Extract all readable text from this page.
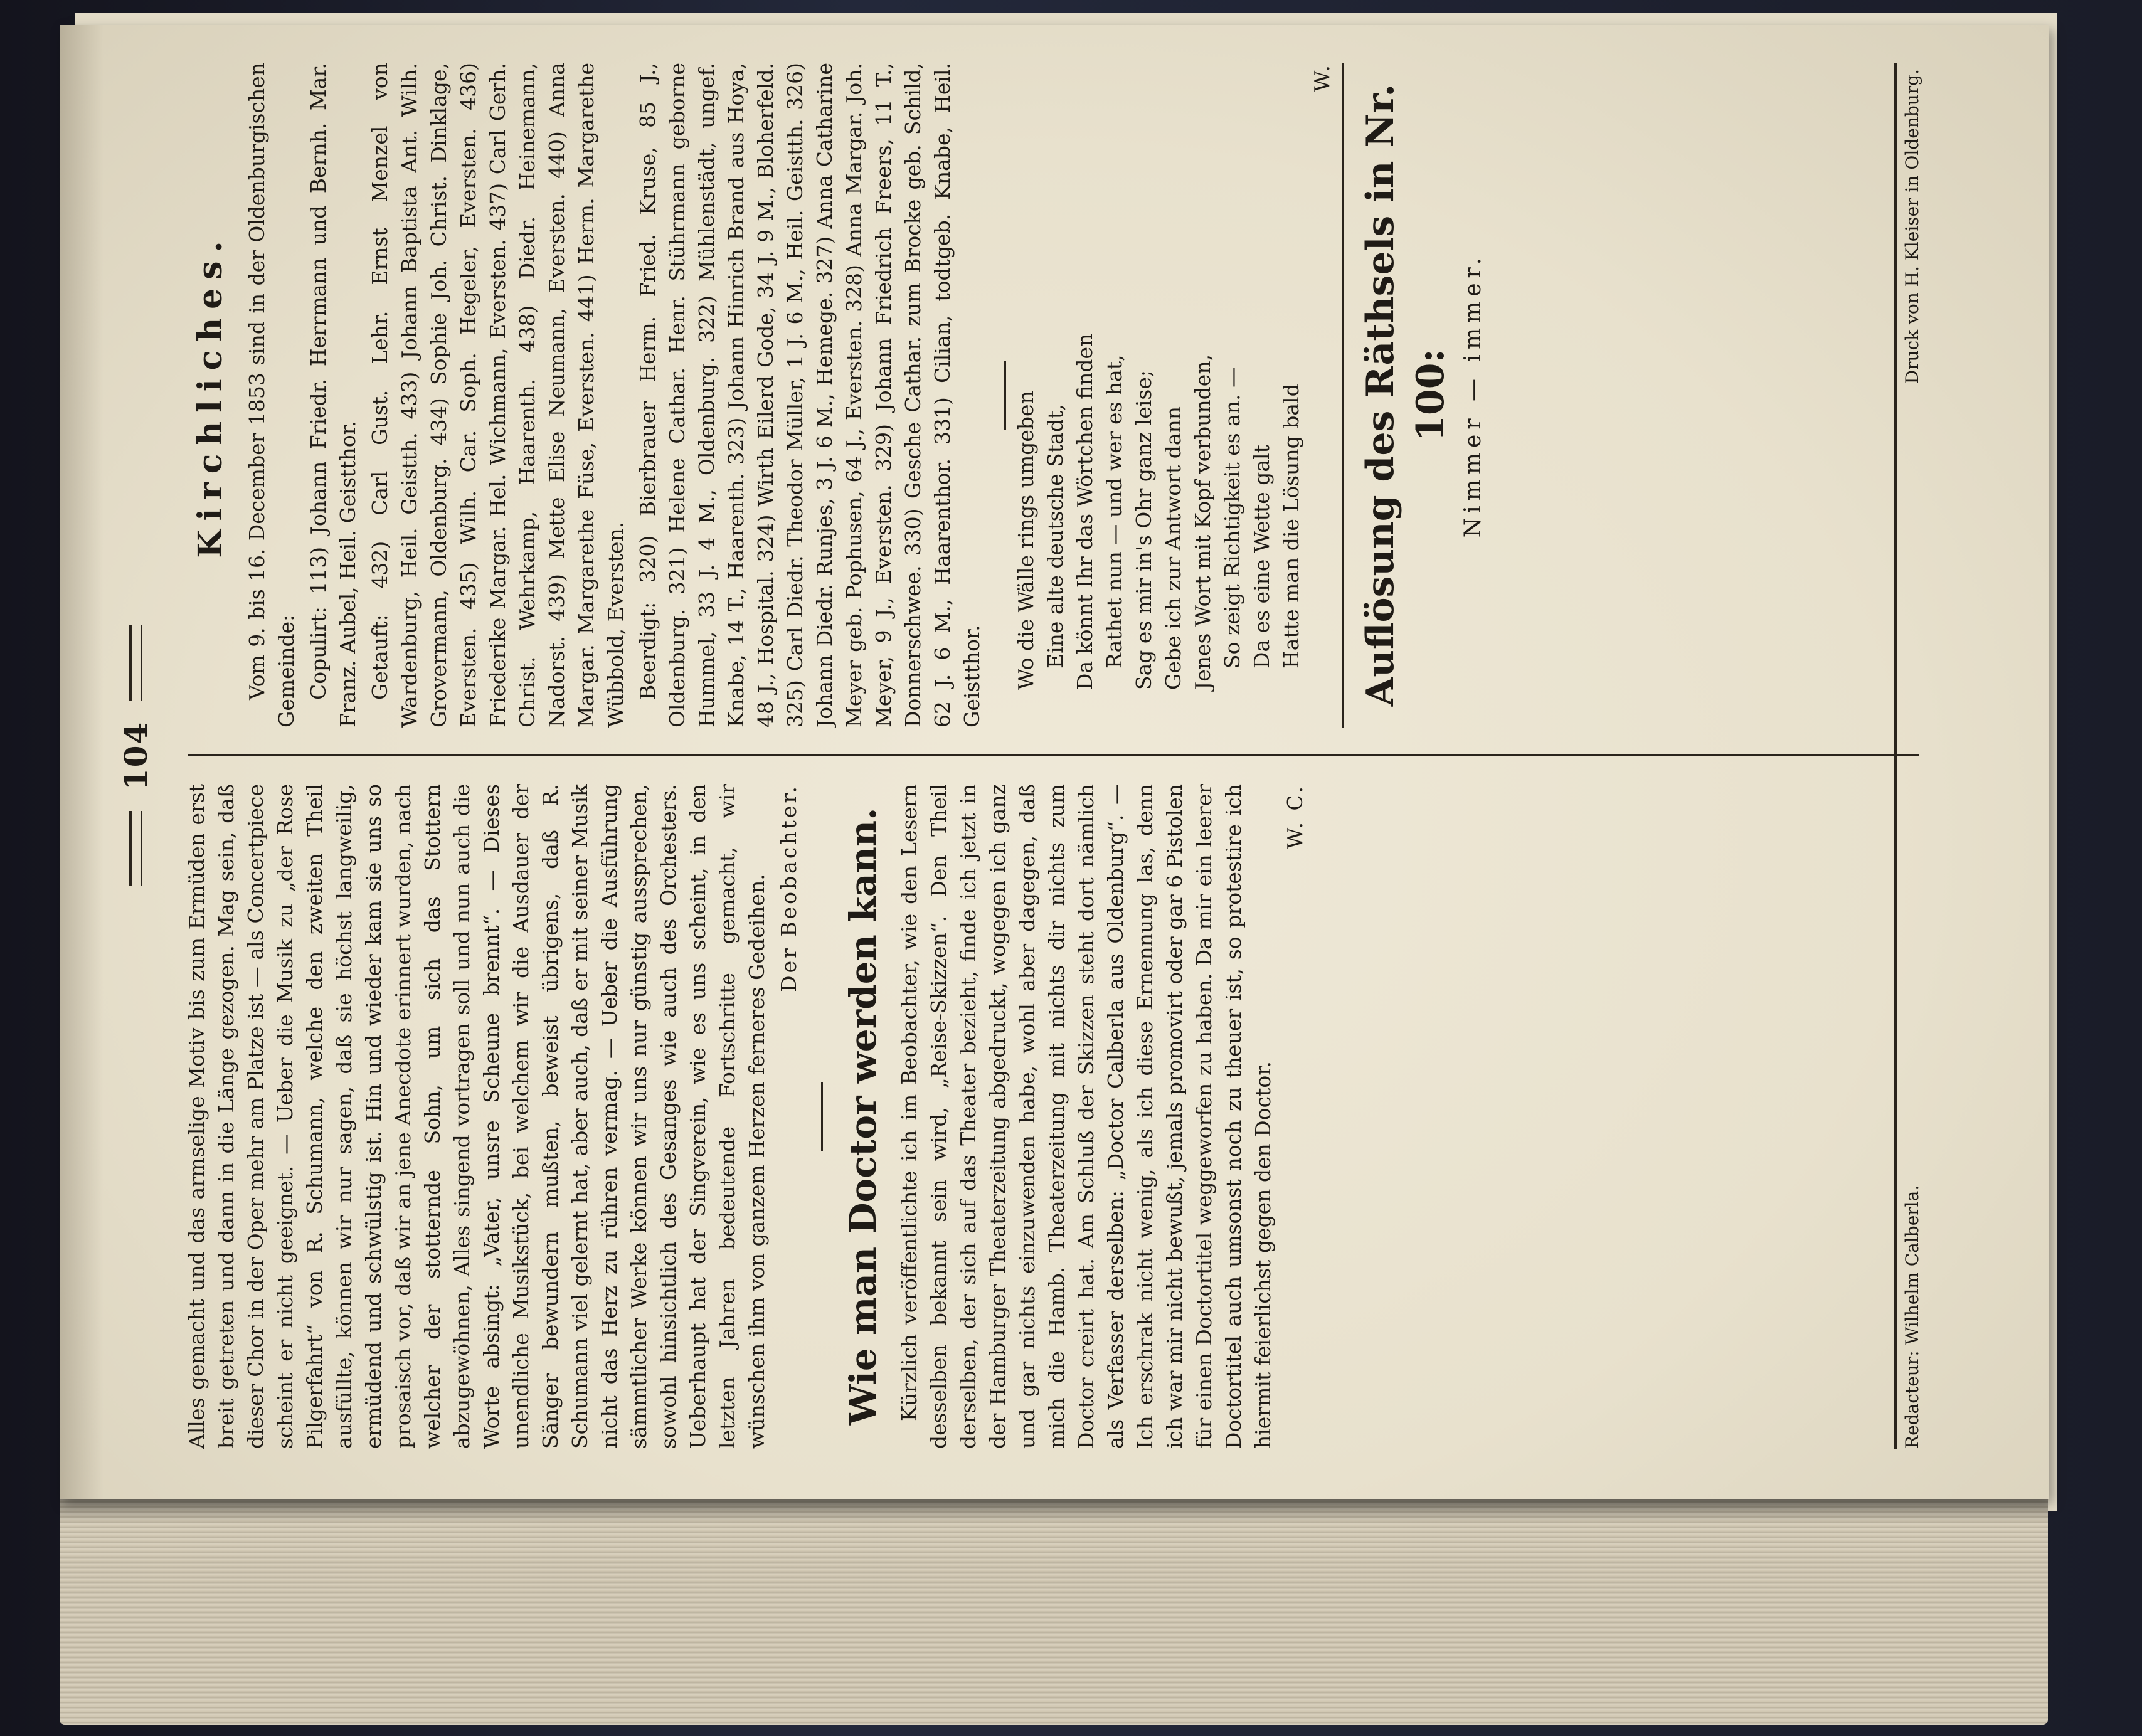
104

Alles gemacht und das armselige Motiv bis zum Ermüden erst breit getreten und dann in die Länge gezogen. Mag sein, daß dieser Chor in der Oper mehr am Platze ist — als Concertpiece scheint er nicht geeignet. — Ueber die Musik zu „der Rose Pilgerfahrt“ von R. Schumann, welche den zweiten Theil ausfüllte, können wir nur sagen, daß sie höchst langweilig, ermüdend und schwülstig ist. Hin und wieder kam sie uns so prosaisch vor, daß wir an jene Anecdote erinnert wurden, nach welcher der stotternde Sohn, um sich das Stottern abzugewöhnen, Alles singend vortragen soll und nun auch die Worte absingt: „Vater, unsre Scheune brennt“. — Dieses unendliche Musikstück, bei welchem wir die Ausdauer der Sänger bewundern mußten, beweist übrigens, daß R. Schumann viel gelernt hat, aber auch, daß er mit seiner Musik nicht das Herz zu rühren vermag. — Ueber die Ausführung sämmtlicher Werke können wir uns nur günstig aussprechen, sowohl hinsichtlich des Gesanges wie auch des Orchesters. Ueberhaupt hat der Singverein, wie es uns scheint, in den letzten Jahren bedeutende Fortschritte gemacht, wir wünschen ihm von ganzem Herzen ferneres Gedeihen. Der Beobachter. Wie man Doctor werden kann. Kürzlich veröffentlichte ich im Beobachter, wie den Lesern desselben bekannt sein wird, „Reise-Skizzen“. Den Theil derselben, der sich auf das Theater bezieht, finde ich jetzt in der Hamburger Theaterzeitung abgedruckt, wogegen ich ganz und gar nichts einzuwenden habe, wohl aber dagegen, daß mich die Hamb. Theaterzeitung mit nichts dir nichts zum Doctor creirt hat. Am Schluß der Skizzen steht dort nämlich als Verfasser derselben: „Doctor Calberla aus Oldenburg“. — Ich erschrak nicht wenig, als ich diese Ernennung las, denn ich war mir nicht bewußt, jemals promovirt oder gar 6 Pistolen für einen Doctortitel weggeworfen zu haben. Da mir ein leerer Doctortitel auch umsonst noch zu theuer ist, so protestire ich hiermit feierlichst gegen den Doctor.

W. C.

Kirchliches. Vom 9. bis 16. December 1853 sind in der Oldenburgischen Gemeinde: Copulirt: 113) Johann Friedr. Herrmann und Bernh. Mar. Franz. Aubel, Heil. Geistthor. Getauft: 432) Carl Gust. Lehr. Ernst Menzel von Wardenburg, Heil. Geistth. 433) Johann Baptista Ant. Wilh. Grovermann, Oldenburg. 434) Sophie Joh. Christ. Dinklage, Eversten. 435) Wilh. Car. Soph. Hegeler, Eversten. 436) Friederike Margar. Hel. Wichmann, Eversten. 437) Carl Gerh. Christ. Wehrkamp, Haarenth. 438) Diedr. Heinemann, Nadorst. 439) Mette Elise Neumann, Eversten. 440) Anna Margar. Margarethe Füse, Eversten. 441) Herm. Margarethe Wübbold, Eversten. Beerdigt: 320) Bierbrauer Herm. Fried. Kruse, 85 J., Oldenburg. 321) Helene Cathar. Henr. Stührmann geborne Hummel, 33 J. 4 M., Oldenburg. 322) Mühlenstädt, ungef. Knabe, 14 T., Haarenth. 323) Johann Hinrich Brand aus Hoya, 48 J., Hospital. 324) Wirth Eilerd Gode, 34 J. 9 M., Bloherfeld. 325) Carl Diedr. Theodor Müller, 1 J. 6 M., Heil. Geistth. 326) Johann Diedr. Runjes, 3 J. 6 M., Hemege. 327) Anna Catharine Meyer geb. Pophusen, 64 J., Eversten. 328) Anna Margar. Joh. Meyer, 9 J., Eversten. 329) Johann Friedrich Freers, 11 T., Donnerschwee. 330) Gesche Cathar. zum Brocke geb. Schild, 62 J. 6 M., Haarenthor. 331) Cilian, todtgeb. Knabe, Heil. Geistthor. Wo die Wälle rings umgeben Eine alte deutsche Stadt, Da könnt Ihr das Wörtchen finden Rathet nun — und wer es hat, Sag es mir in's Ohr ganz leise; Gebe ich zur Antwort dann Jenes Wort mit Kopf verbunden, So zeigt Richtigkeit es an. — Da es eine Wette galt Hatte man die Lösung bald

W.

Auflösung des Räthsels in Nr. 100: Nimmer — immer.
Redacteur: Wilhelm Calberla.
Druck von H. Kleiser in Oldenburg.
